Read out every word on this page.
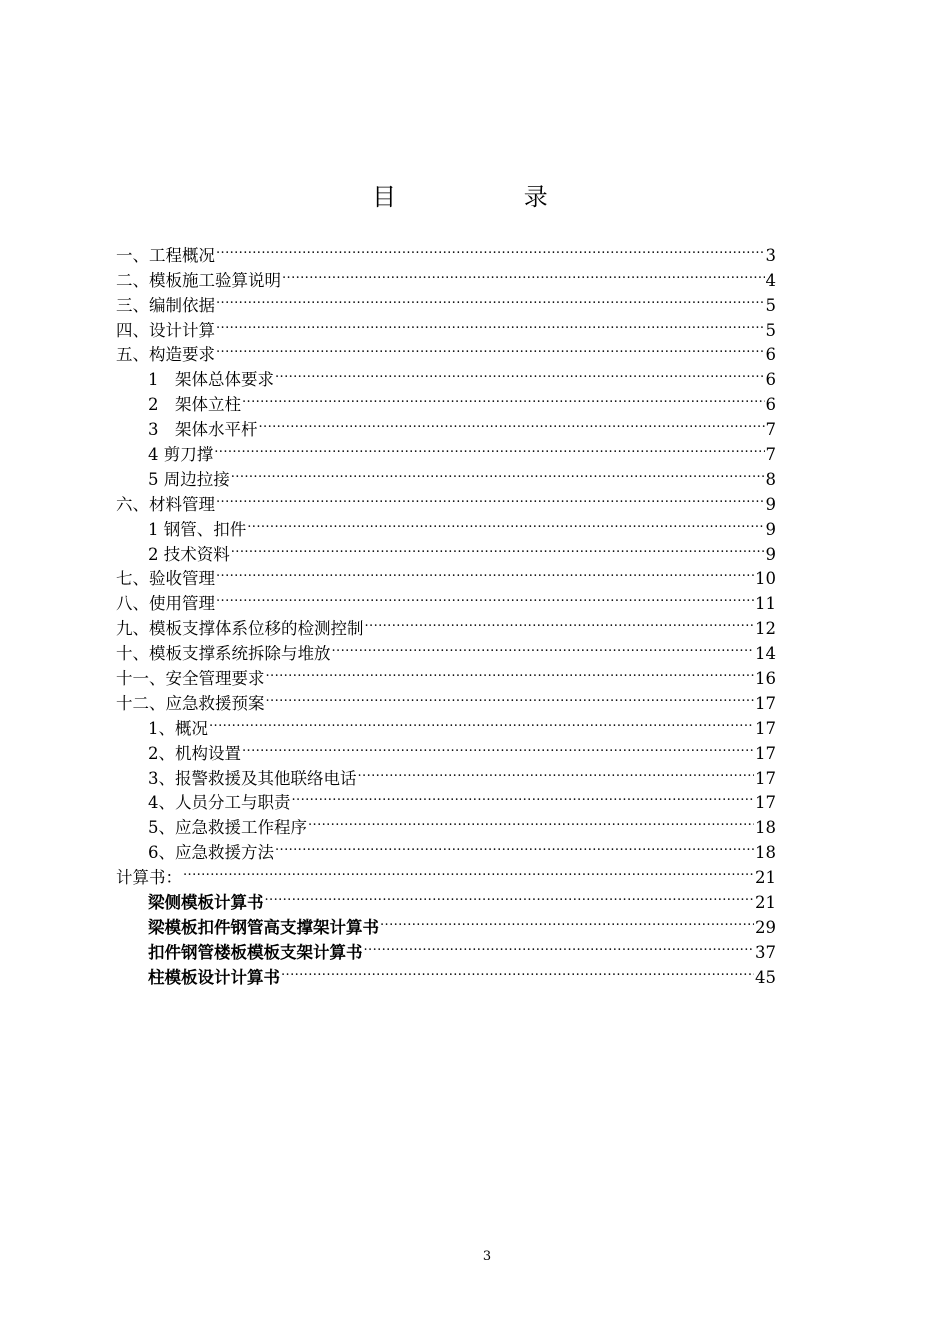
目 录
一、工程概况 .....	3
二、模板施工验算说明 .....	4
三、编制依据 .....	5
四、设计计算 .....	5
五、构造要求 .....	6
1　架体总体要求 .....	6
2　架体立柱 .....	6
3　架体水平杆 .....	7
4 剪刀撑 .....	7
5 周边拉接 .....	8
六、材料管理 .....	9
1 钢管、扣件 .....	9
2 技术资料 .....	9
七、验收管理 .....	10
八、使用管理 .....	11
九、模板支撑体系位移的检测控制 .....	12
十、模板支撑系统拆除与堆放 .....	14
十一、安全管理要求 .....	16
十二、应急救援预案 .....	17
1、概况 .....	17
2、机构设置 .....	17
3、报警救援及其他联络电话 .....	17
4、人员分工与职责 .....	17
5、应急救援工作程序 .....	18
6、应急救援方法 .....	18
计算书： .....	21
梁侧模板计算书 .....	21
梁模板扣件钢管高支撑架计算书 .....	29
扣件钢管楼板模板支架计算书 .....	37
柱模板设计计算书 .....	45
3
